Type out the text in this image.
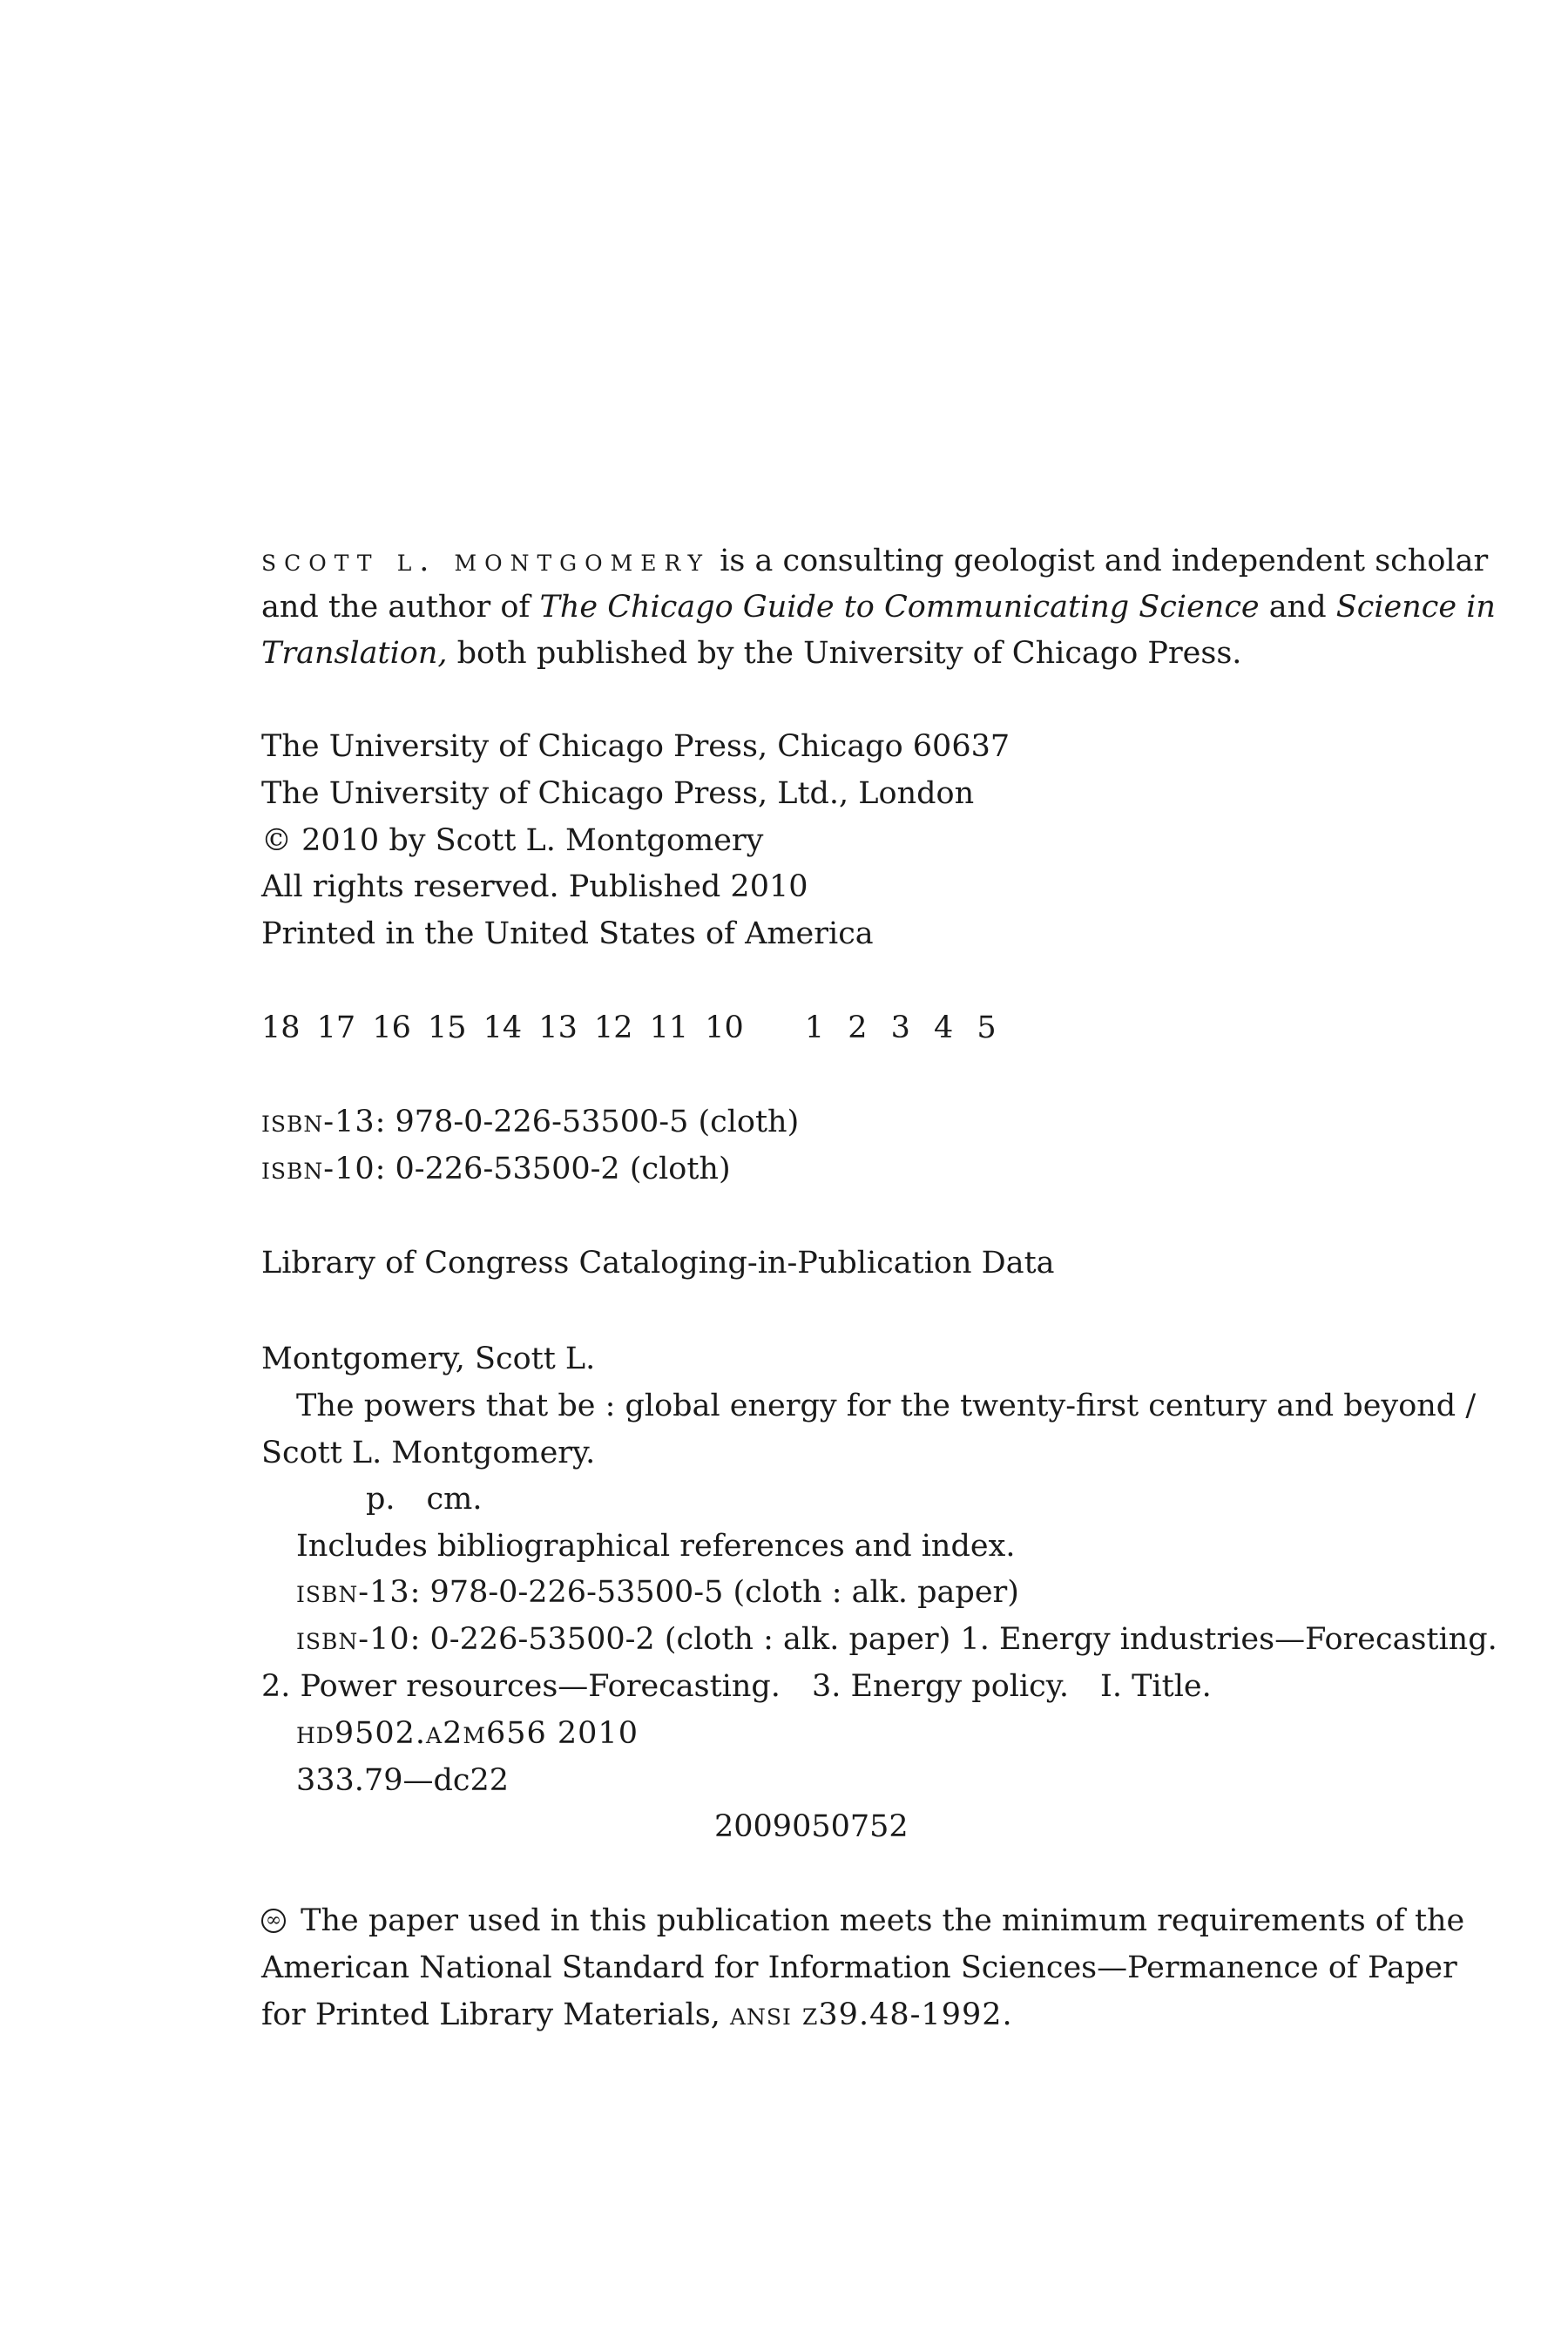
scott l. montgomery is a consulting geologist and independent scholar
and the author of The Chicago Guide to Communicating Science and Science in
Translation, both published by the University of Chicago Press.
The University of Chicago Press, Chicago 60637
The University of Chicago Press, Ltd., London
© 2010 by Scott L. Montgomery
All rights reserved. Published 2010
Printed in the United States of America
18 17 16 15 14 13 12 11 10 1 2 3 4 5
isbn-13: 978-0-226-53500-5 (cloth)
isbn-10: 0-226-53500-2 (cloth)
Library of Congress Cataloging-in-Publication Data
Montgomery, Scott L.
The powers that be : global energy for the twenty-first century and beyond /
Scott L. Montgomery.
p. cm.
Includes bibliographical references and index.
isbn-13: 978-0-226-53500-5 (cloth : alk. paper)
isbn-10: 0-226-53500-2 (cloth : alk. paper) 1. Energy industries—Forecasting.
2. Power resources—Forecasting. 3. Energy policy. I. Title.
hd9502.a2m656 2010
333.79—dc22
2009050752
∞ The paper used in this publication meets the minimum requirements of the
American National Standard for Information Sciences—Permanence of Paper
for Printed Library Materials, ansi z39.48-1992.
